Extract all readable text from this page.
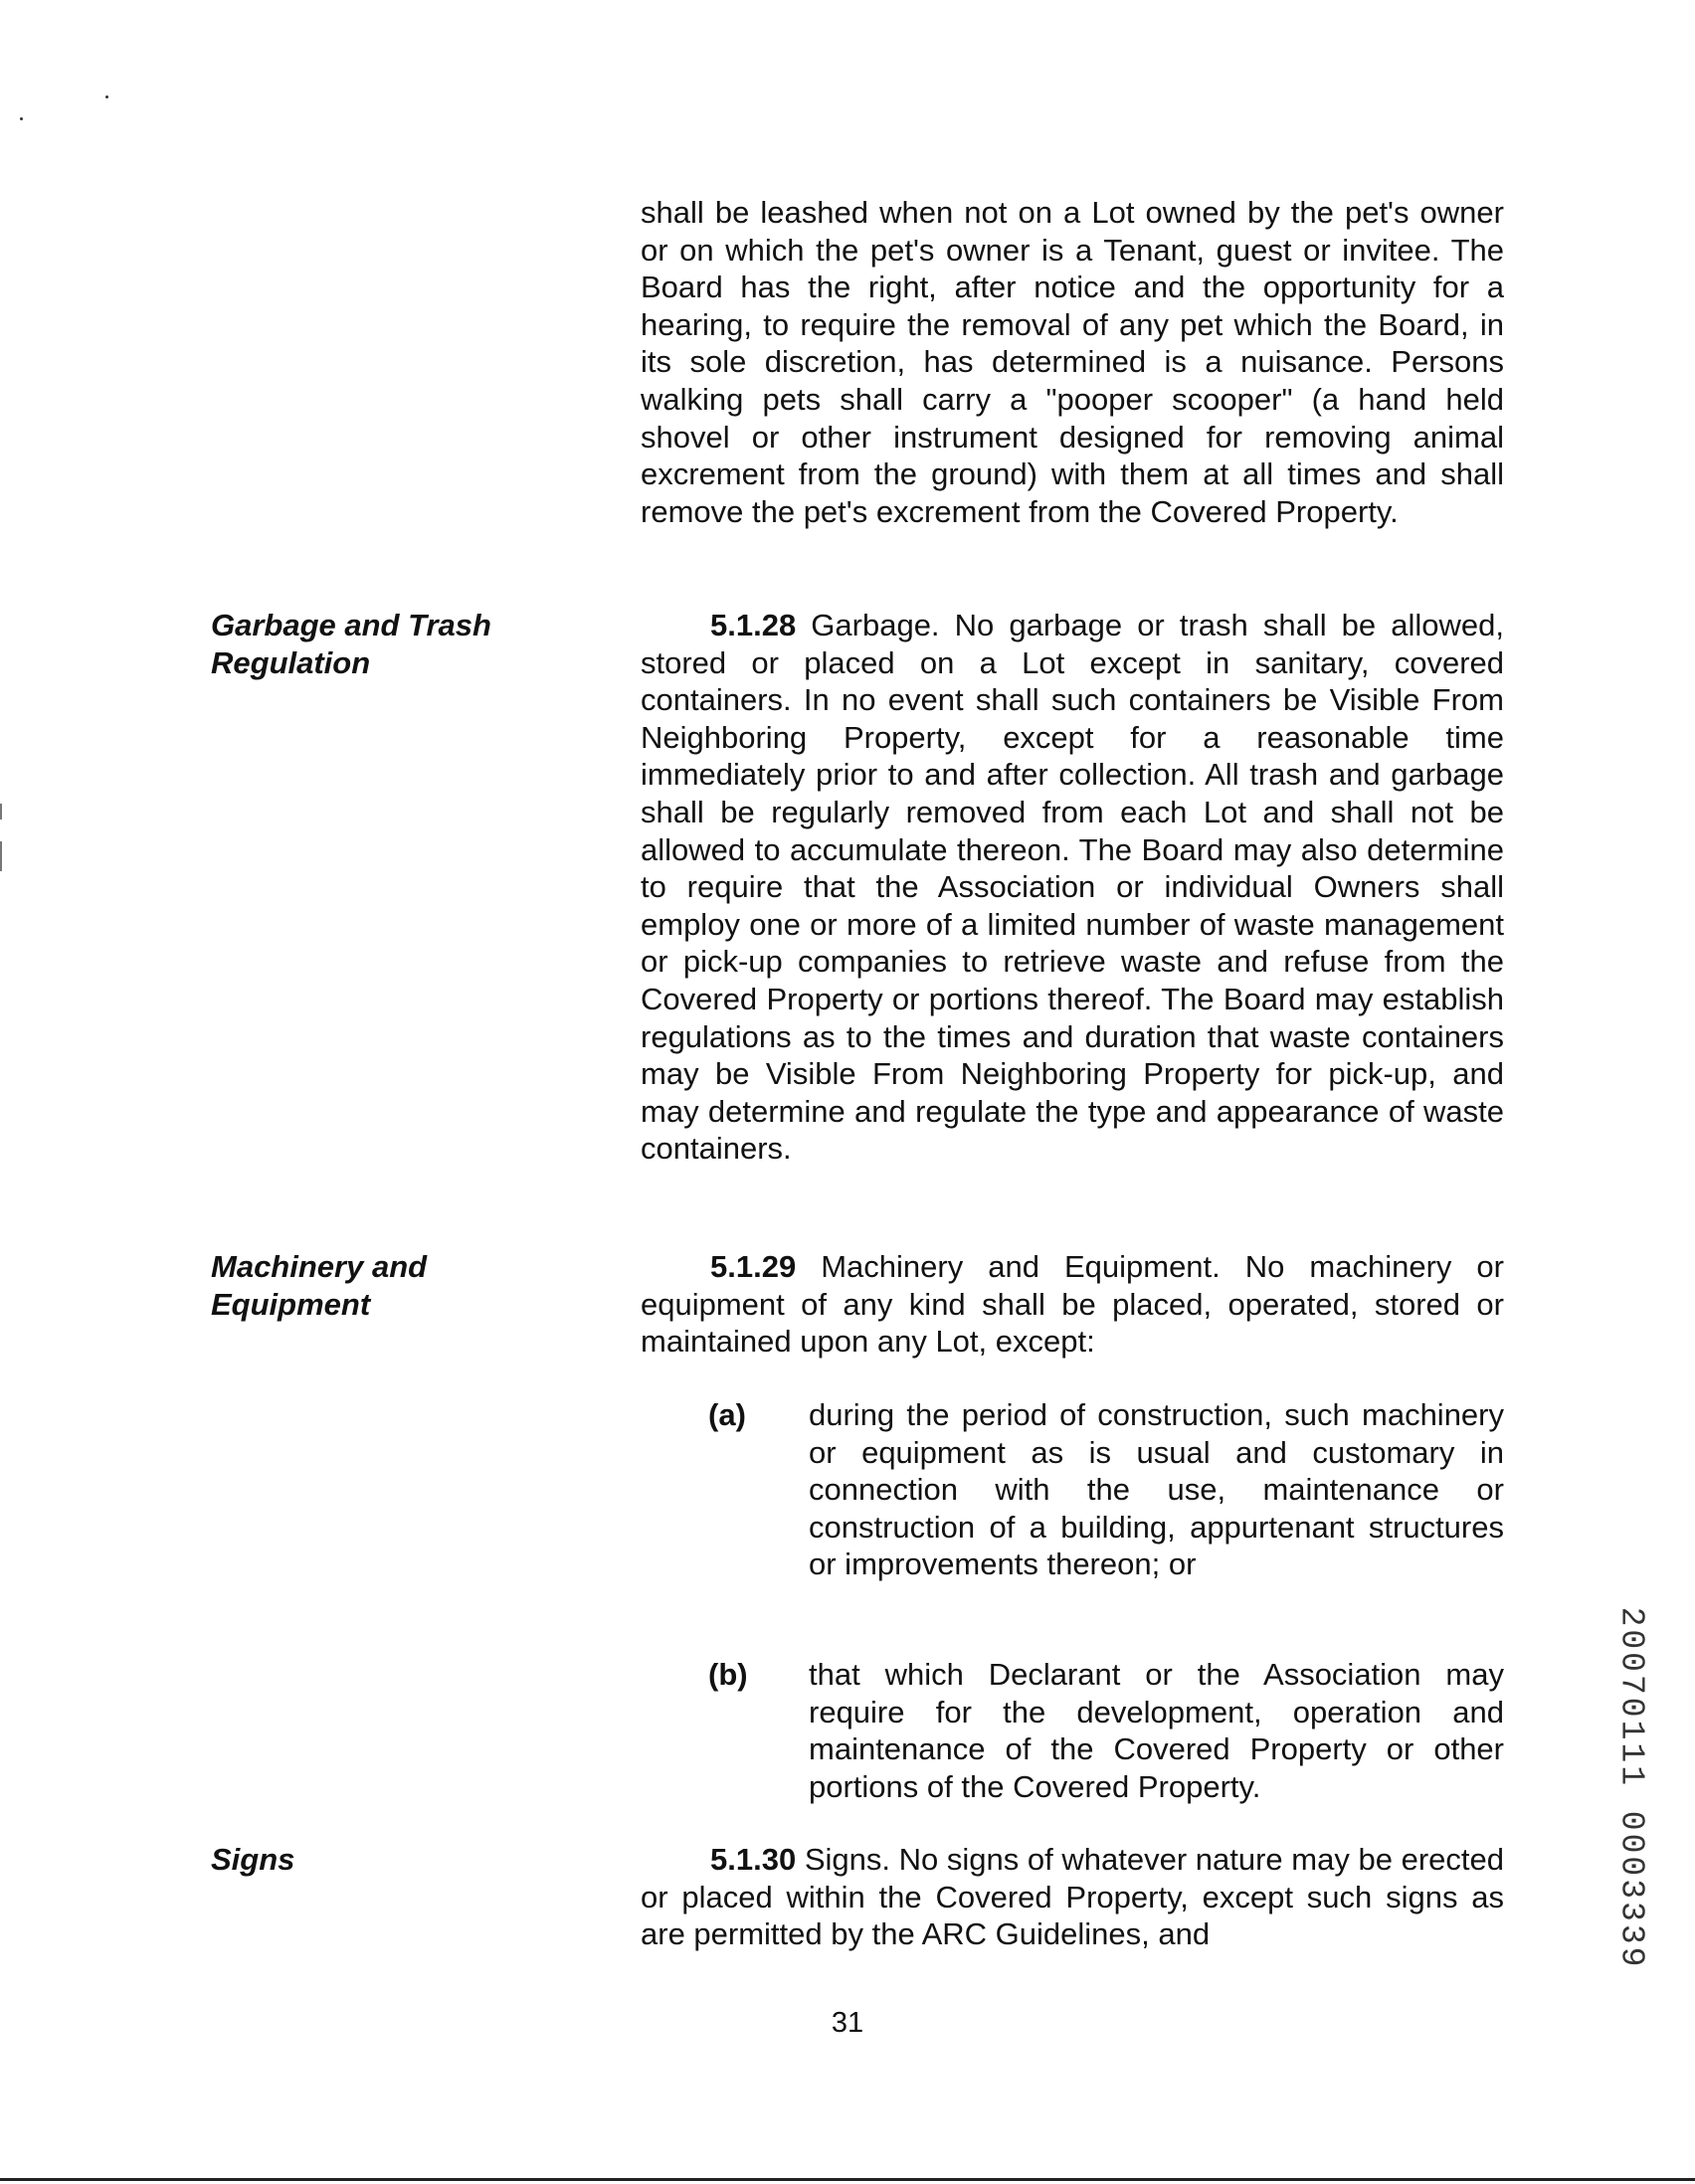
shall be leashed when not on a Lot owned by the pet's owner or on which the pet's owner is a Tenant, guest or invitee. The Board has the right, after notice and the opportunity for a hearing, to require the removal of any pet which the Board, in its sole discretion, has determined is a nuisance. Persons walking pets shall carry a "pooper scooper" (a hand held shovel or other instrument designed for removing animal excrement from the ground) with them at all times and shall remove the pet's excrement from the Covered Property.

Garbage and Trash Regulation

5.1.28 Garbage. No garbage or trash shall be allowed, stored or placed on a Lot except in sanitary, covered containers. In no event shall such containers be Visible From Neighboring Property, except for a reasonable time immediately prior to and after collection. All trash and garbage shall be regularly removed from each Lot and shall not be allowed to accumulate thereon. The Board may also determine to require that the Association or individual Owners shall employ one or more of a limited number of waste management or pick-up companies to retrieve waste and refuse from the Covered Property or portions thereof. The Board may establish regulations as to the times and duration that waste containers may be Visible From Neighboring Property for pick-up, and may determine and regulate the type and appearance of waste containers.

Machinery and Equipment

5.1.29 Machinery and Equipment. No machinery or equipment of any kind shall be placed, operated, stored or maintained upon any Lot, except:

(a) during the period of construction, such machinery or equipment as is usual and customary in connection with the use, maintenance or construction of a building, appurtenant structures or improvements thereon; or

(b) that which Declarant or the Association may require for the development, operation and maintenance of the Covered Property or other portions of the Covered Property.

Signs	5.1.30 Signs. No signs of whatever nature may be erected or placed within the Covered Property, except such signs as are permitted by the ARC Guidelines, and

31

20070111 0003339
